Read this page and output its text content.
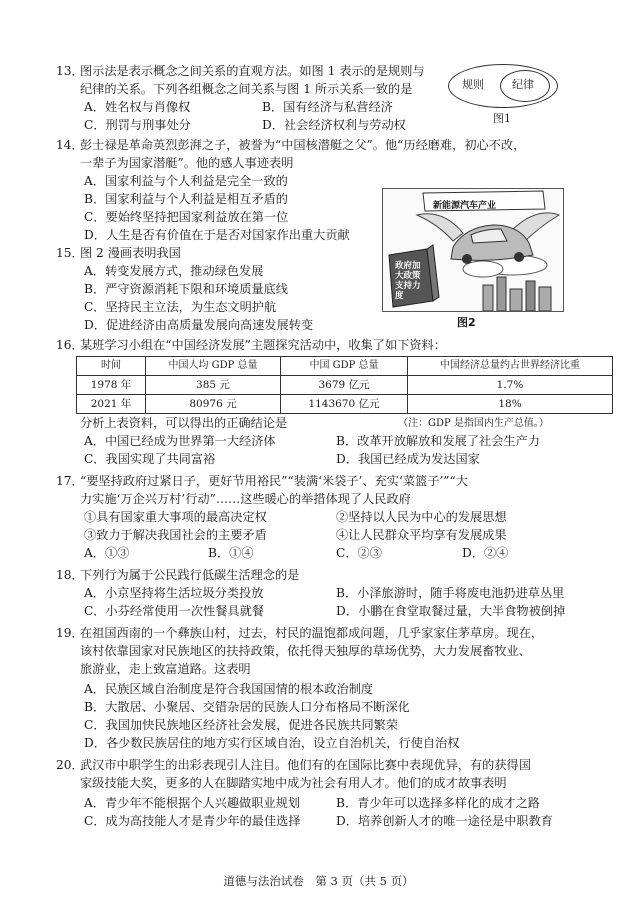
13．
图示法是表示概念之间关系的直观方法。如图 1 表示的是规则与
纪律的关系。下列各组概念之间关系与图 1 所示关系一致的是
A．姓名权与肖像权	B．国有经济与私营经济
C．刑罚与刑事处分	D．社会经济权利与劳动权
规则	纪律
图1
14．
彭士禄是革命英烈彭湃之子，被誉为“中国核潜艇之父”。他“历经磨难，初心不改，
一辈子为国家潜艇”。他的感人事迹表明
A．国家利益与个人利益是完全一致的
B．国家利益与个人利益是相互矛盾的
C．要始终坚持把国家利益放在第一位
D．人生是否有价值在于是否对国家作出重大贡献
新能源汽车产业
政府加大政策支持力度
图2
15．
图 2 漫画表明我国
A．转变发展方式，推动绿色发展
B．严守资源消耗下限和环境质量底线
C．坚持民主立法，为生态文明护航
D．促进经济由高质量发展向高速发展转变
16．
某班学习小组在“中国经济发展”主题探究活动中，收集了如下资料：
时间	中国人均 GDP 总量	中国 GDP 总量	中国经济总量约占世界经济比重
1978 年	385 元	3679 亿元	1.7%
2021 年	80976 元	1143670 亿元	18%
分析上表资料，可以得出的正确结论是	（注：GDP 是指国内生产总值。）
A．中国已经成为世界第一大经济体	B．改革开放解放和发展了社会生产力
C．我国实现了共同富裕	D．我国已经成为发达国家
17．
“要坚持政府过紧日子，更好节用裕民”“装满‘米袋子’、充实‘菜篮子’”“大
力实施‘万企兴万村’行动”……这些暖心的举措体现了人民政府
①具有国家重大事项的最高决定权	②坚持以人民为中心的发展思想
③致力于解决我国社会的主要矛盾	④让人民群众平均享有发展成果
A．①③	B．①④	C．②③	D．②④
18．
下列行为属于公民践行低碳生活理念的是
A．小京坚持将生活垃圾分类投放	B．小泽旅游时，随手将废电池扔进草丛里
C．小芬经常使用一次性餐具就餐	D．小鹏在食堂取餐过量，大半食物被倒掉
19．
在祖国西南的一个彝族山村，过去，村民的温饱都成问题，几乎家家住茅草房。现在，
该村依靠国家对民族地区的扶持政策，依托得天独厚的草场优势，大力发展畜牧业、
旅游业，走上致富道路。这表明
A．民族区域自治制度是符合我国国情的根本政治制度
B．大散居、小聚居、交错杂居的民族人口分布格局不断深化
C．我国加快民族地区经济社会发展，促进各民族共同繁荣
D．各少数民族居住的地方实行区域自治，设立自治机关，行使自治权
20．
武汉市中职学生的出彩表现引人注目。他们有的在国际比赛中表现优异，有的获得国
家级技能大奖，更多的人在脚踏实地中成为社会有用人才。他们的成才故事表明
A．青少年不能根据个人兴趣做职业规划	B．青少年可以选择多样化的成才之路
C．成为高技能人才是青少年的最佳选择	D．培养创新人才的唯一途径是中职教育
道德与法治试卷　第 3 页（共 5 页）
